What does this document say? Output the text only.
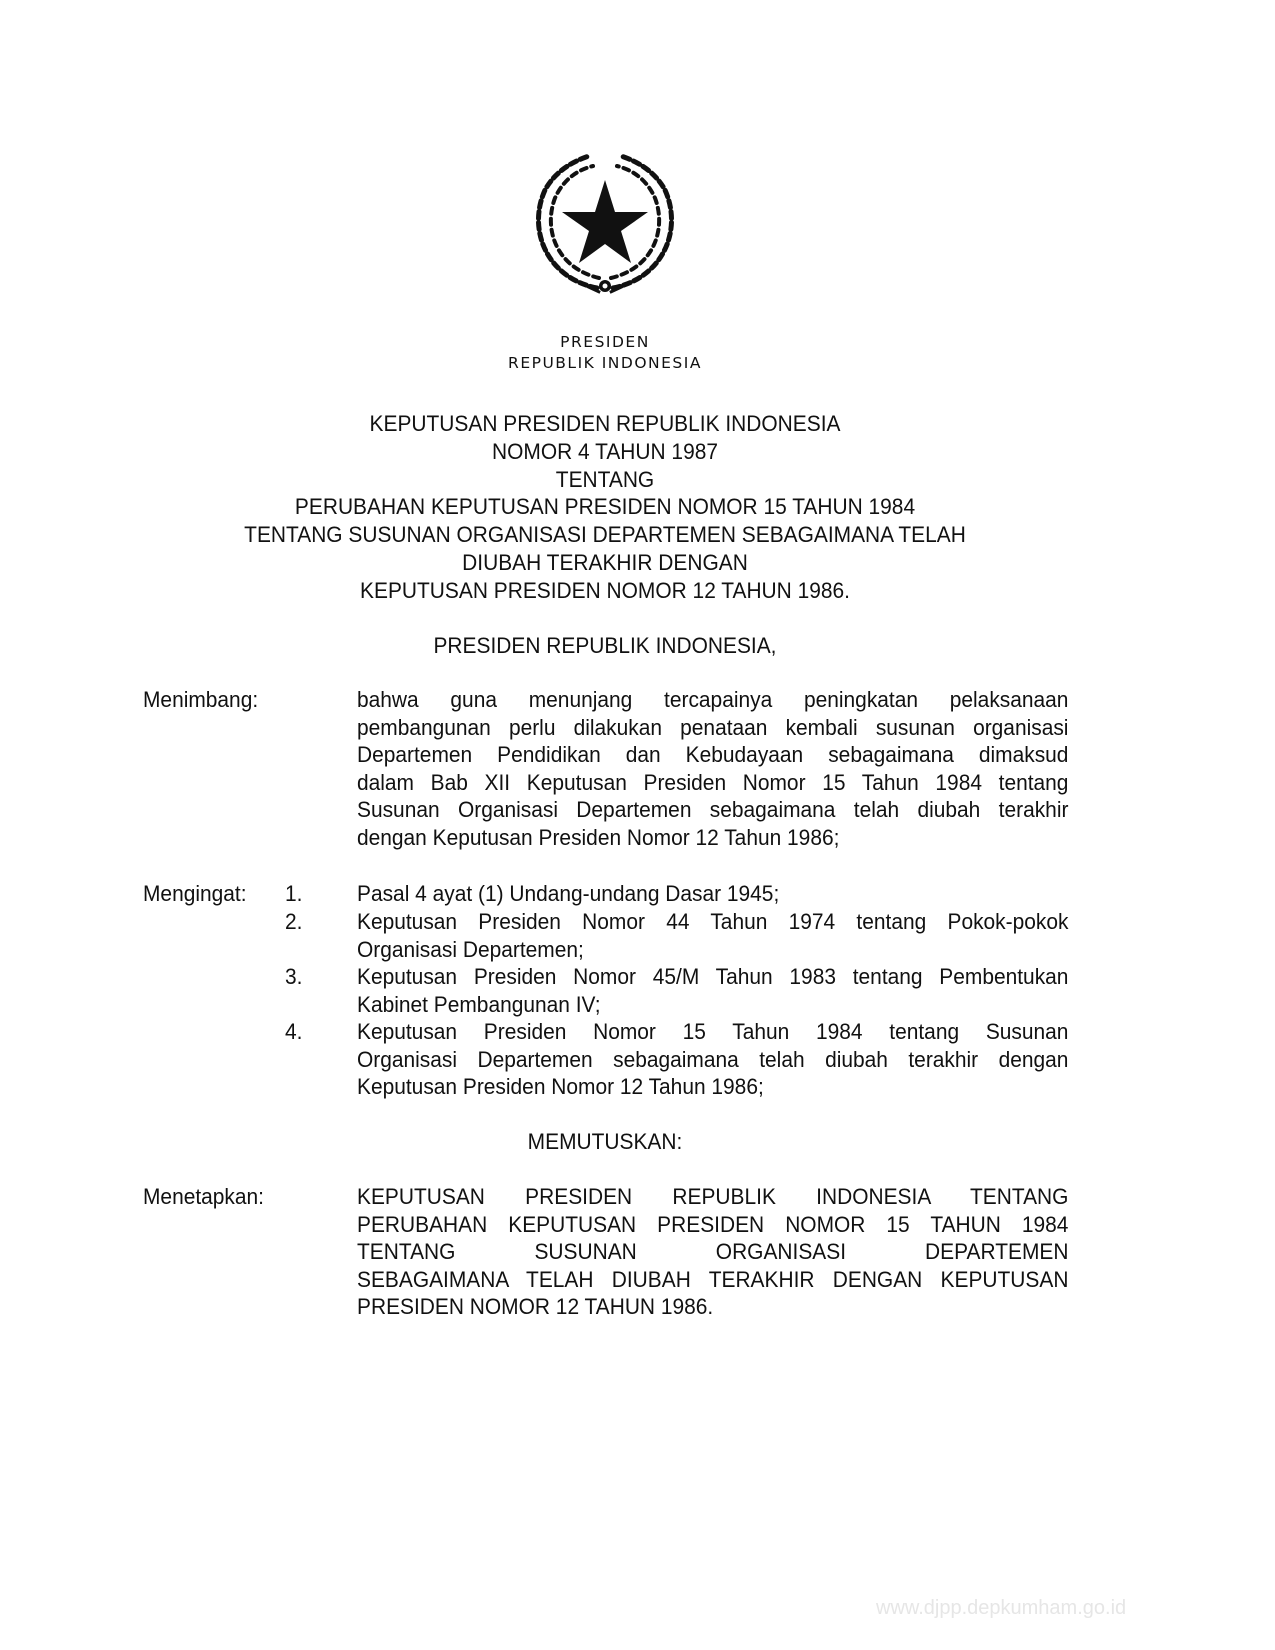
PRESIDEN
REPUBLIK INDONESIA
KEPUTUSAN PRESIDEN REPUBLIK INDONESIA
NOMOR 4 TAHUN 1987
TENTANG
PERUBAHAN KEPUTUSAN PRESIDEN NOMOR 15 TAHUN 1984
TENTANG SUSUNAN ORGANISASI DEPARTEMEN SEBAGAIMANA TELAH
DIUBAH TERAKHIR DENGAN
KEPUTUSAN PRESIDEN NOMOR 12 TAHUN 1986.
PRESIDEN REPUBLIK INDONESIA,
Menimbang:	bahwa guna menunjang tercapainya peningkatan pelaksanaan
pembangunan perlu dilakukan penataan kembali susunan organisasi
Departemen Pendidikan dan Kebudayaan sebagaimana dimaksud
dalam Bab XII Keputusan Presiden Nomor 15 Tahun 1984 tentang
Susunan Organisasi Departemen sebagaimana telah diubah terakhir
dengan Keputusan Presiden Nomor 12 Tahun 1986;
Mengingat: 1. Pasal 4 ayat (1) Undang-undang Dasar 1945;
2. Keputusan Presiden Nomor 44 Tahun 1974 tentang Pokok-pokok
Organisasi Departemen;
3. Keputusan Presiden Nomor 45/M Tahun 1983 tentang Pembentukan
Kabinet Pembangunan IV;
4. Keputusan Presiden Nomor 15 Tahun 1984 tentang Susunan
Organisasi Departemen sebagaimana telah diubah terakhir dengan
Keputusan Presiden Nomor 12 Tahun 1986;
MEMUTUSKAN:
Menetapkan:	KEPUTUSAN PRESIDEN REPUBLIK INDONESIA TENTANG
PERUBAHAN KEPUTUSAN PRESIDEN NOMOR 15 TAHUN 1984
TENTANG SUSUNAN ORGANISASI DEPARTEMEN
SEBAGAIMANA TELAH DIUBAH TERAKHIR DENGAN KEPUTUSAN
PRESIDEN NOMOR 12 TAHUN 1986.
www.djpp.depkumham.go.id
